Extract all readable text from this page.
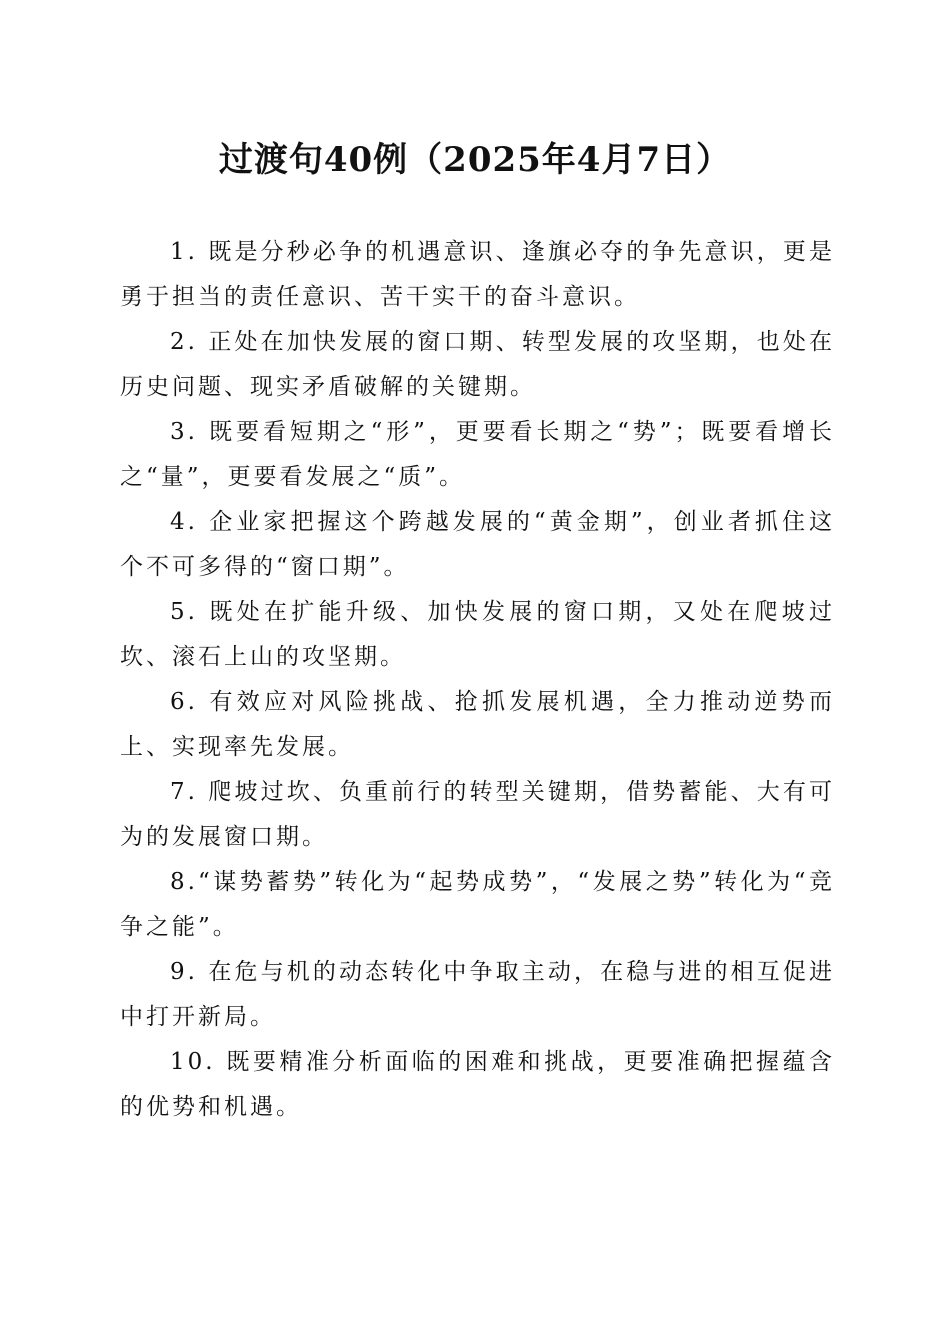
过渡句40例（2025年4月7日）

1. 既是分秒必争的机遇意识、逢旗必夺的争先意识，更是勇于担当的责任意识、苦干实干的奋斗意识。

2. 正处在加快发展的窗口期、转型发展的攻坚期，也处在历史问题、现实矛盾破解的关键期。

3. 既要看短期之“形”，更要看长期之“势”；既要看增长之“量”，更要看发展之“质”。

4. 企业家把握这个跨越发展的“黄金期”，创业者抓住这个不可多得的“窗口期”。

5. 既处在扩能升级、加快发展的窗口期，又处在爬坡过坎、滚石上山的攻坚期。

6. 有效应对风险挑战、抢抓发展机遇，全力推动逆势而上、实现率先发展。

7. 爬坡过坎、负重前行的转型关键期，借势蓄能、大有可为的发展窗口期。

8.“谋势蓄势”转化为“起势成势”，“发展之势”转化为“竞争之能”。

9. 在危与机的动态转化中争取主动，在稳与进的相互促进中打开新局。

10. 既要精准分析面临的困难和挑战，更要准确把握蕴含的优势和机遇。
